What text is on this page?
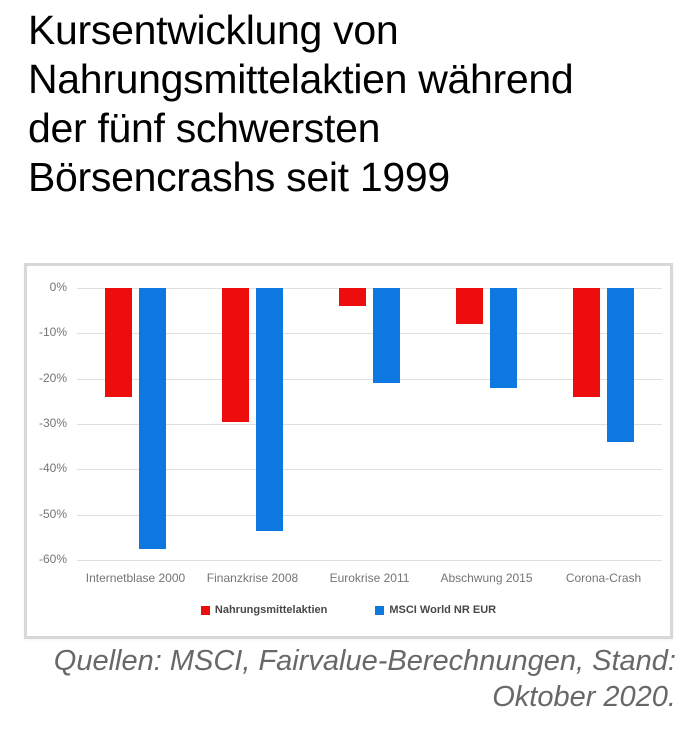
Kursentwicklung von
Nahrungsmittelaktien während
der fünf schwersten
Börsencrashs seit 1999
0%
-10%
-20%
-30%
-40%
-50%
-60%
Internetblase 2000	Finanzkrise 2008	Eurokrise 2011	Abschwung 2015	Corona-Crash
Nahrungsmittelaktien	MSCI World NR EUR
Quellen: MSCI, Fairvalue-Berechnungen, Stand:
Oktober 2020.
